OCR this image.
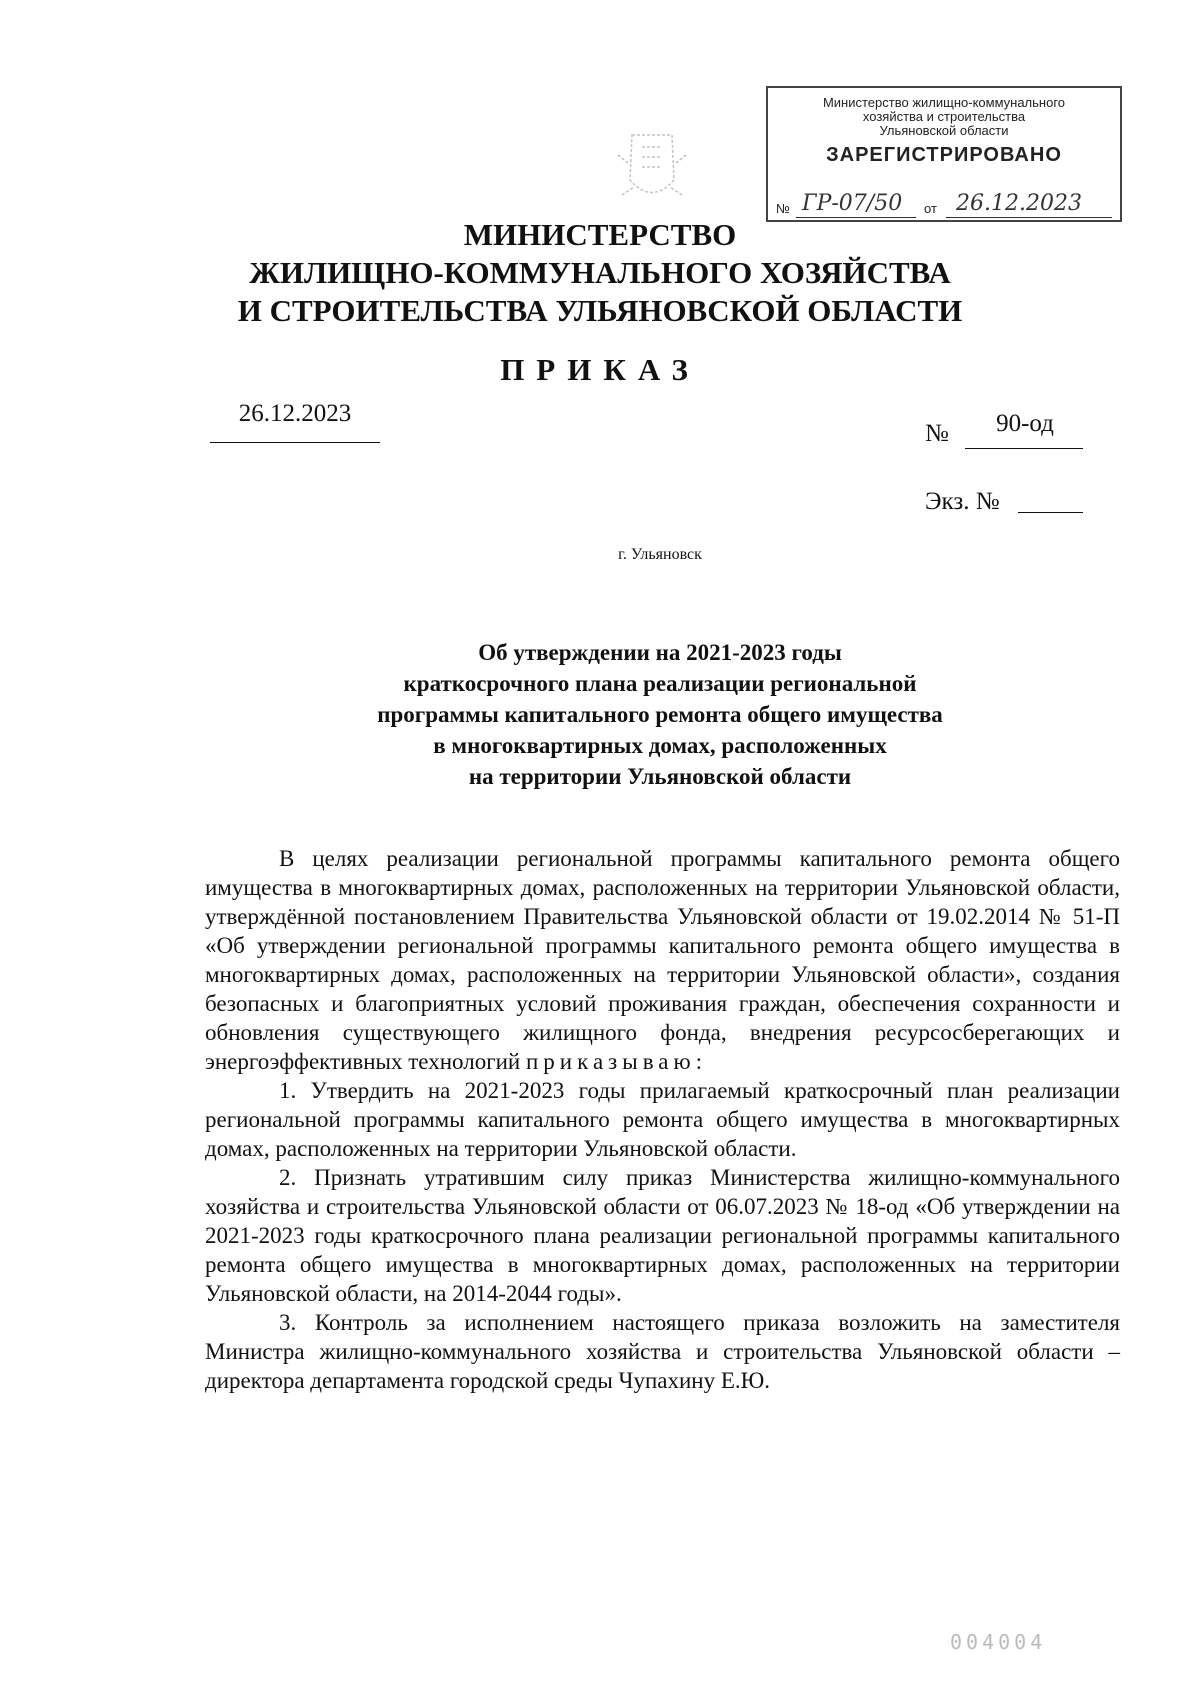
Министерство жилищно-коммунального
хозяйства и строительства
Ульяновской области
ЗАРЕГИСТРИРОВАНО
№ ГР-07/50 от 26.12.2023
МИНИСТЕРСТВО
ЖИЛИЩНО-КОММУНАЛЬНОГО ХОЗЯЙСТВА
И СТРОИТЕЛЬСТВА УЛЬЯНОВСКОЙ ОБЛАСТИ
ПРИКАЗ
26.12.2023
№	90-од
Экз. №
г. Ульяновск
Об утверждении на 2021-2023 годы
краткосрочного плана реализации региональной
программы капитального ремонта общего имущества
в многоквартирных домах, расположенных
на территории Ульяновской области

В целях реализации региональной программы капитального ремонта общего имущества в многоквартирных домах, расположенных на территории Ульяновской области, утверждённой постановлением Правительства Ульяновской области от 19.02.2014 № 51-П «Об утверждении региональной программы капитального ремонта общего имущества в многоквартирных домах, расположенных на территории Ульяновской области», создания безопасных и благоприятных условий проживания граждан, обеспечения сохранности и обновления существующего жилищного фонда, внедрения ресурсосберегающих и энергоэффективных технологий приказываю:

1. Утвердить на 2021-2023 годы прилагаемый краткосрочный план реализации региональной программы капитального ремонта общего имущества в многоквартирных домах, расположенных на территории Ульяновской области.

2. Признать утратившим силу приказ Министерства жилищно-коммунального хозяйства и строительства Ульяновской области от 06.07.2023 № 18-од «Об утверждении на 2021-2023 годы краткосрочного плана реализации региональной программы капитального ремонта общего имущества в многоквартирных домах, расположенных на территории Ульяновской области, на 2014-2044 годы».

3. Контроль за исполнением настоящего приказа возложить на заместителя Министра жилищно-коммунального хозяйства и строительства Ульяновской области – директора департамента городской среды Чупахину Е.Ю.

004004
